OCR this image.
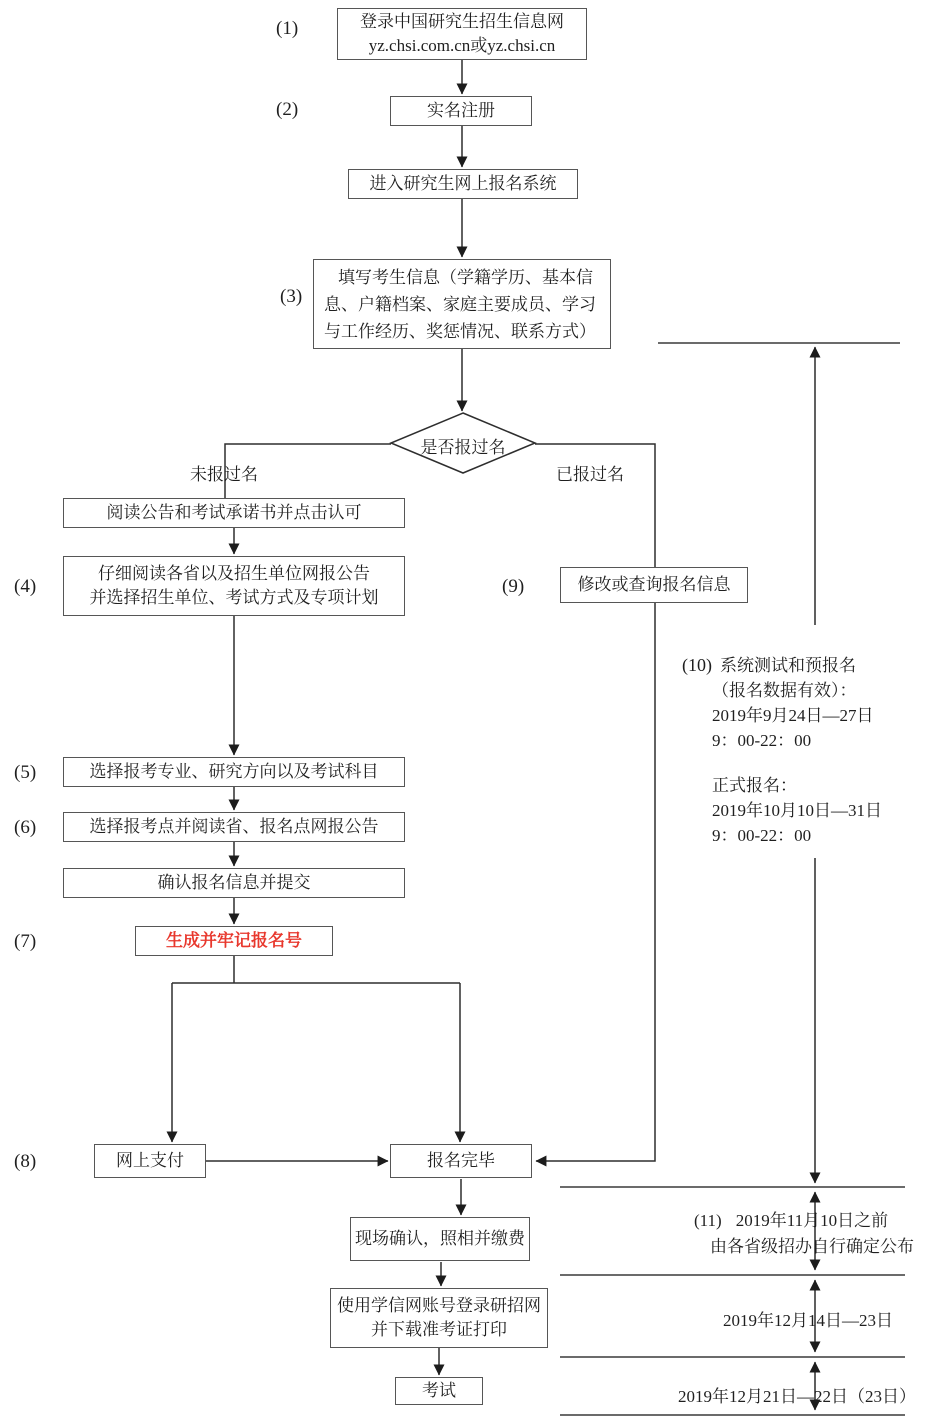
(1)
(2)
(3)
(4)
(5)
(6)
(7)
(8)
(9)
登录中国研究生招生信息网
yz.chsi.com.cn或yz.chsi.cn
实名注册
进入研究生网上报名系统
填写考生信息（学籍学历、基本信
息、户籍档案、家庭主要成员、学习
与工作经历、奖惩情况、联系方式）
是否报过名
未报过名	已报过名
阅读公告和考试承诺书并点击认可
仔细阅读各省以及招生单位网报公告
并选择招生单位、考试方式及专项计划
修改或查询报名信息
选择报考专业、研究方向以及考试科目
选择报考点并阅读省、报名点网报公告
确认报名信息并提交
生成并牢记报名号
网上支付	报名完毕
现场确认，照相并缴费
使用学信网账号登录研招网
并下载准考证打印
考试
(10) 系统测试和预报名
（报名数据有效）：
2019年9月24日—27日
9：00-22：00
正式报名：
2019年10月10日—31日
9：00-22：00
(11) 2019年11月10日之前
由各省级招办自行确定公布
2019年12月14日—23日
2019年12月21日—22日（23日）
